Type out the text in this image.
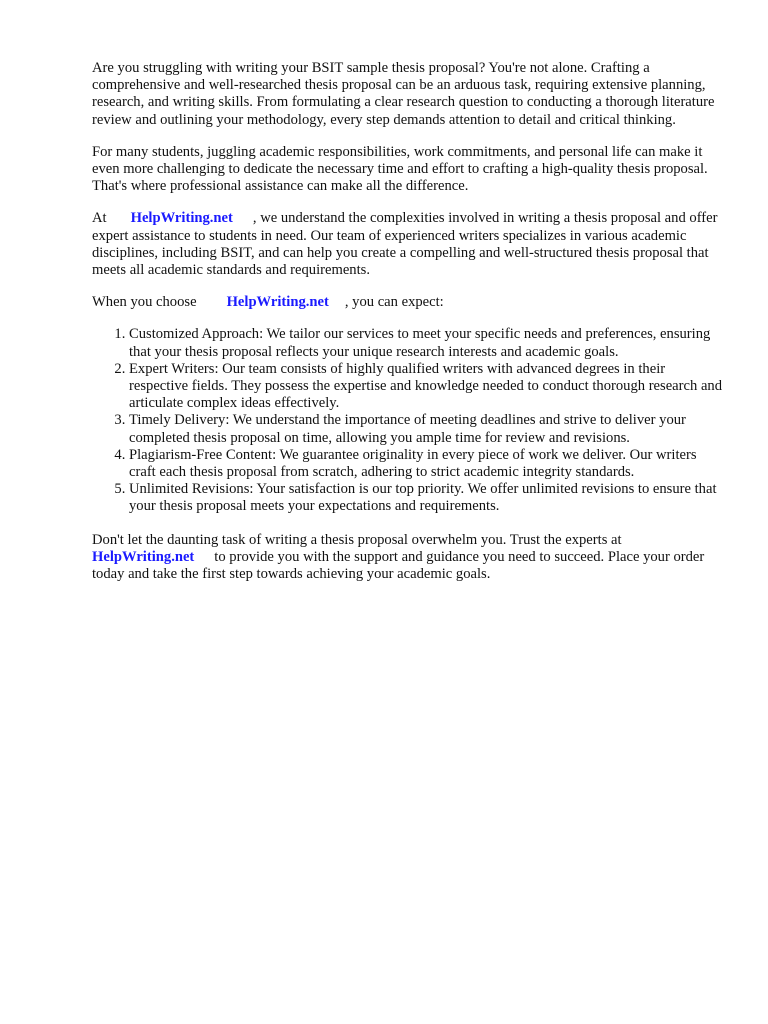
Are you struggling with writing your BSIT sample thesis proposal? You're not alone. Crafting a comprehensive and well-researched thesis proposal can be an arduous task, requiring extensive planning, research, and writing skills. From formulating a clear research question to conducting a thorough literature review and outlining your methodology, every step demands attention to detail and critical thinking.

For many students, juggling academic responsibilities, work commitments, and personal life can make it even more challenging to dedicate the necessary time and effort to crafting a high-quality thesis proposal. That's where professional assistance can make all the difference.

At HelpWriting.net , we understand the complexities involved in writing a thesis proposal and offer expert assistance to students in need. Our team of experienced writers specializes in various academic disciplines, including BSIT, and can help you create a compelling and well-structured thesis proposal that meets all academic standards and requirements.

When you choose HelpWriting.net , you can expect:

1. Customized Approach: We tailor our services to meet your specific needs and preferences, ensuring that your thesis proposal reflects your unique research interests and academic goals.
2. Expert Writers: Our team consists of highly qualified writers with advanced degrees in their respective fields. They possess the expertise and knowledge needed to conduct thorough research and articulate complex ideas effectively.
3. Timely Delivery: We understand the importance of meeting deadlines and strive to deliver your completed thesis proposal on time, allowing you ample time for review and revisions.
4. Plagiarism-Free Content: We guarantee originality in every piece of work we deliver. Our writers craft each thesis proposal from scratch, adhering to strict academic integrity standards.
5. Unlimited Revisions: Your satisfaction is our top priority. We offer unlimited revisions to ensure that your thesis proposal meets your expectations and requirements.

Don't let the daunting task of writing a thesis proposal overwhelm you. Trust the experts at
HelpWriting.net to provide you with the support and guidance you need to succeed. Place your order today and take the first step towards achieving your academic goals.
